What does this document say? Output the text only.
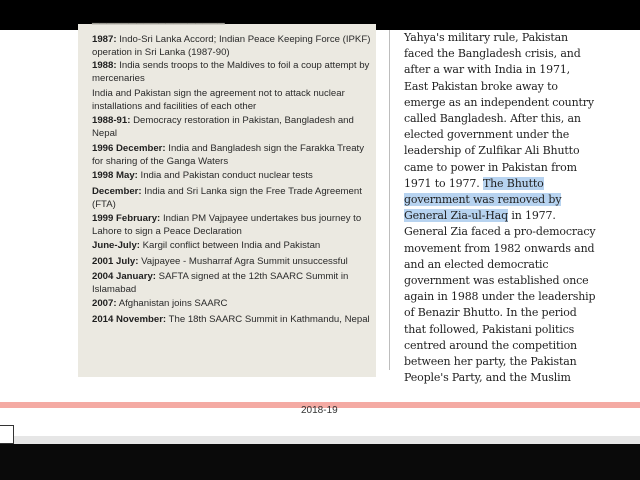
▔▔▔▔▔▔▔▔▔▔▔▔▔▔▔▔▔▔
1987: Indo-Sri Lanka Accord; Indian Peace Keeping Force (IPKF) operation in Sri Lanka (1987-90)
1988: India sends troops to the Maldives to foil a coup attempt by mercenaries
India and Pakistan sign the agreement not to attack nuclear installations and facilities of each other
1988-91: Democracy restoration in Pakistan, Bangladesh and Nepal
1996 December: India and Bangladesh sign the Farakka Treaty for sharing of the Ganga Waters
1998 May: India and Pakistan conduct nuclear tests
December: India and Sri Lanka sign the Free Trade Agreement (FTA)
1999 February: Indian PM Vajpayee undertakes bus journey to Lahore to sign a Peace Declaration
June-July: Kargil conflict between India and Pakistan
2001 July: Vajpayee - Musharraf Agra Summit unsuccessful
2004 January: SAFTA signed at the 12th SAARC Summit in Islamabad
2007: Afghanistan joins SAARC
2014 November: The 18th SAARC Summit in Kathmandu, Nepal
Yahya's military rule, Pakistan
faced the Bangladesh crisis, and
after a war with India in 1971,
East Pakistan broke away to
emerge as an independent country
called Bangladesh. After this, an
elected government under the
leadership of Zulfikar Ali Bhutto
came to power in Pakistan from
1971 to 1977. The Bhutto
government was removed by
General Zia-ul-Haq in 1977.
General Zia faced a pro-democracy
movement from 1982 onwards and
and an elected democratic
government was established once
again in 1988 under the leadership
of Benazir Bhutto. In the period
that followed, Pakistani politics
centred around the competition
between her party, the Pakistan
People's Party, and the Muslim
2018-19
